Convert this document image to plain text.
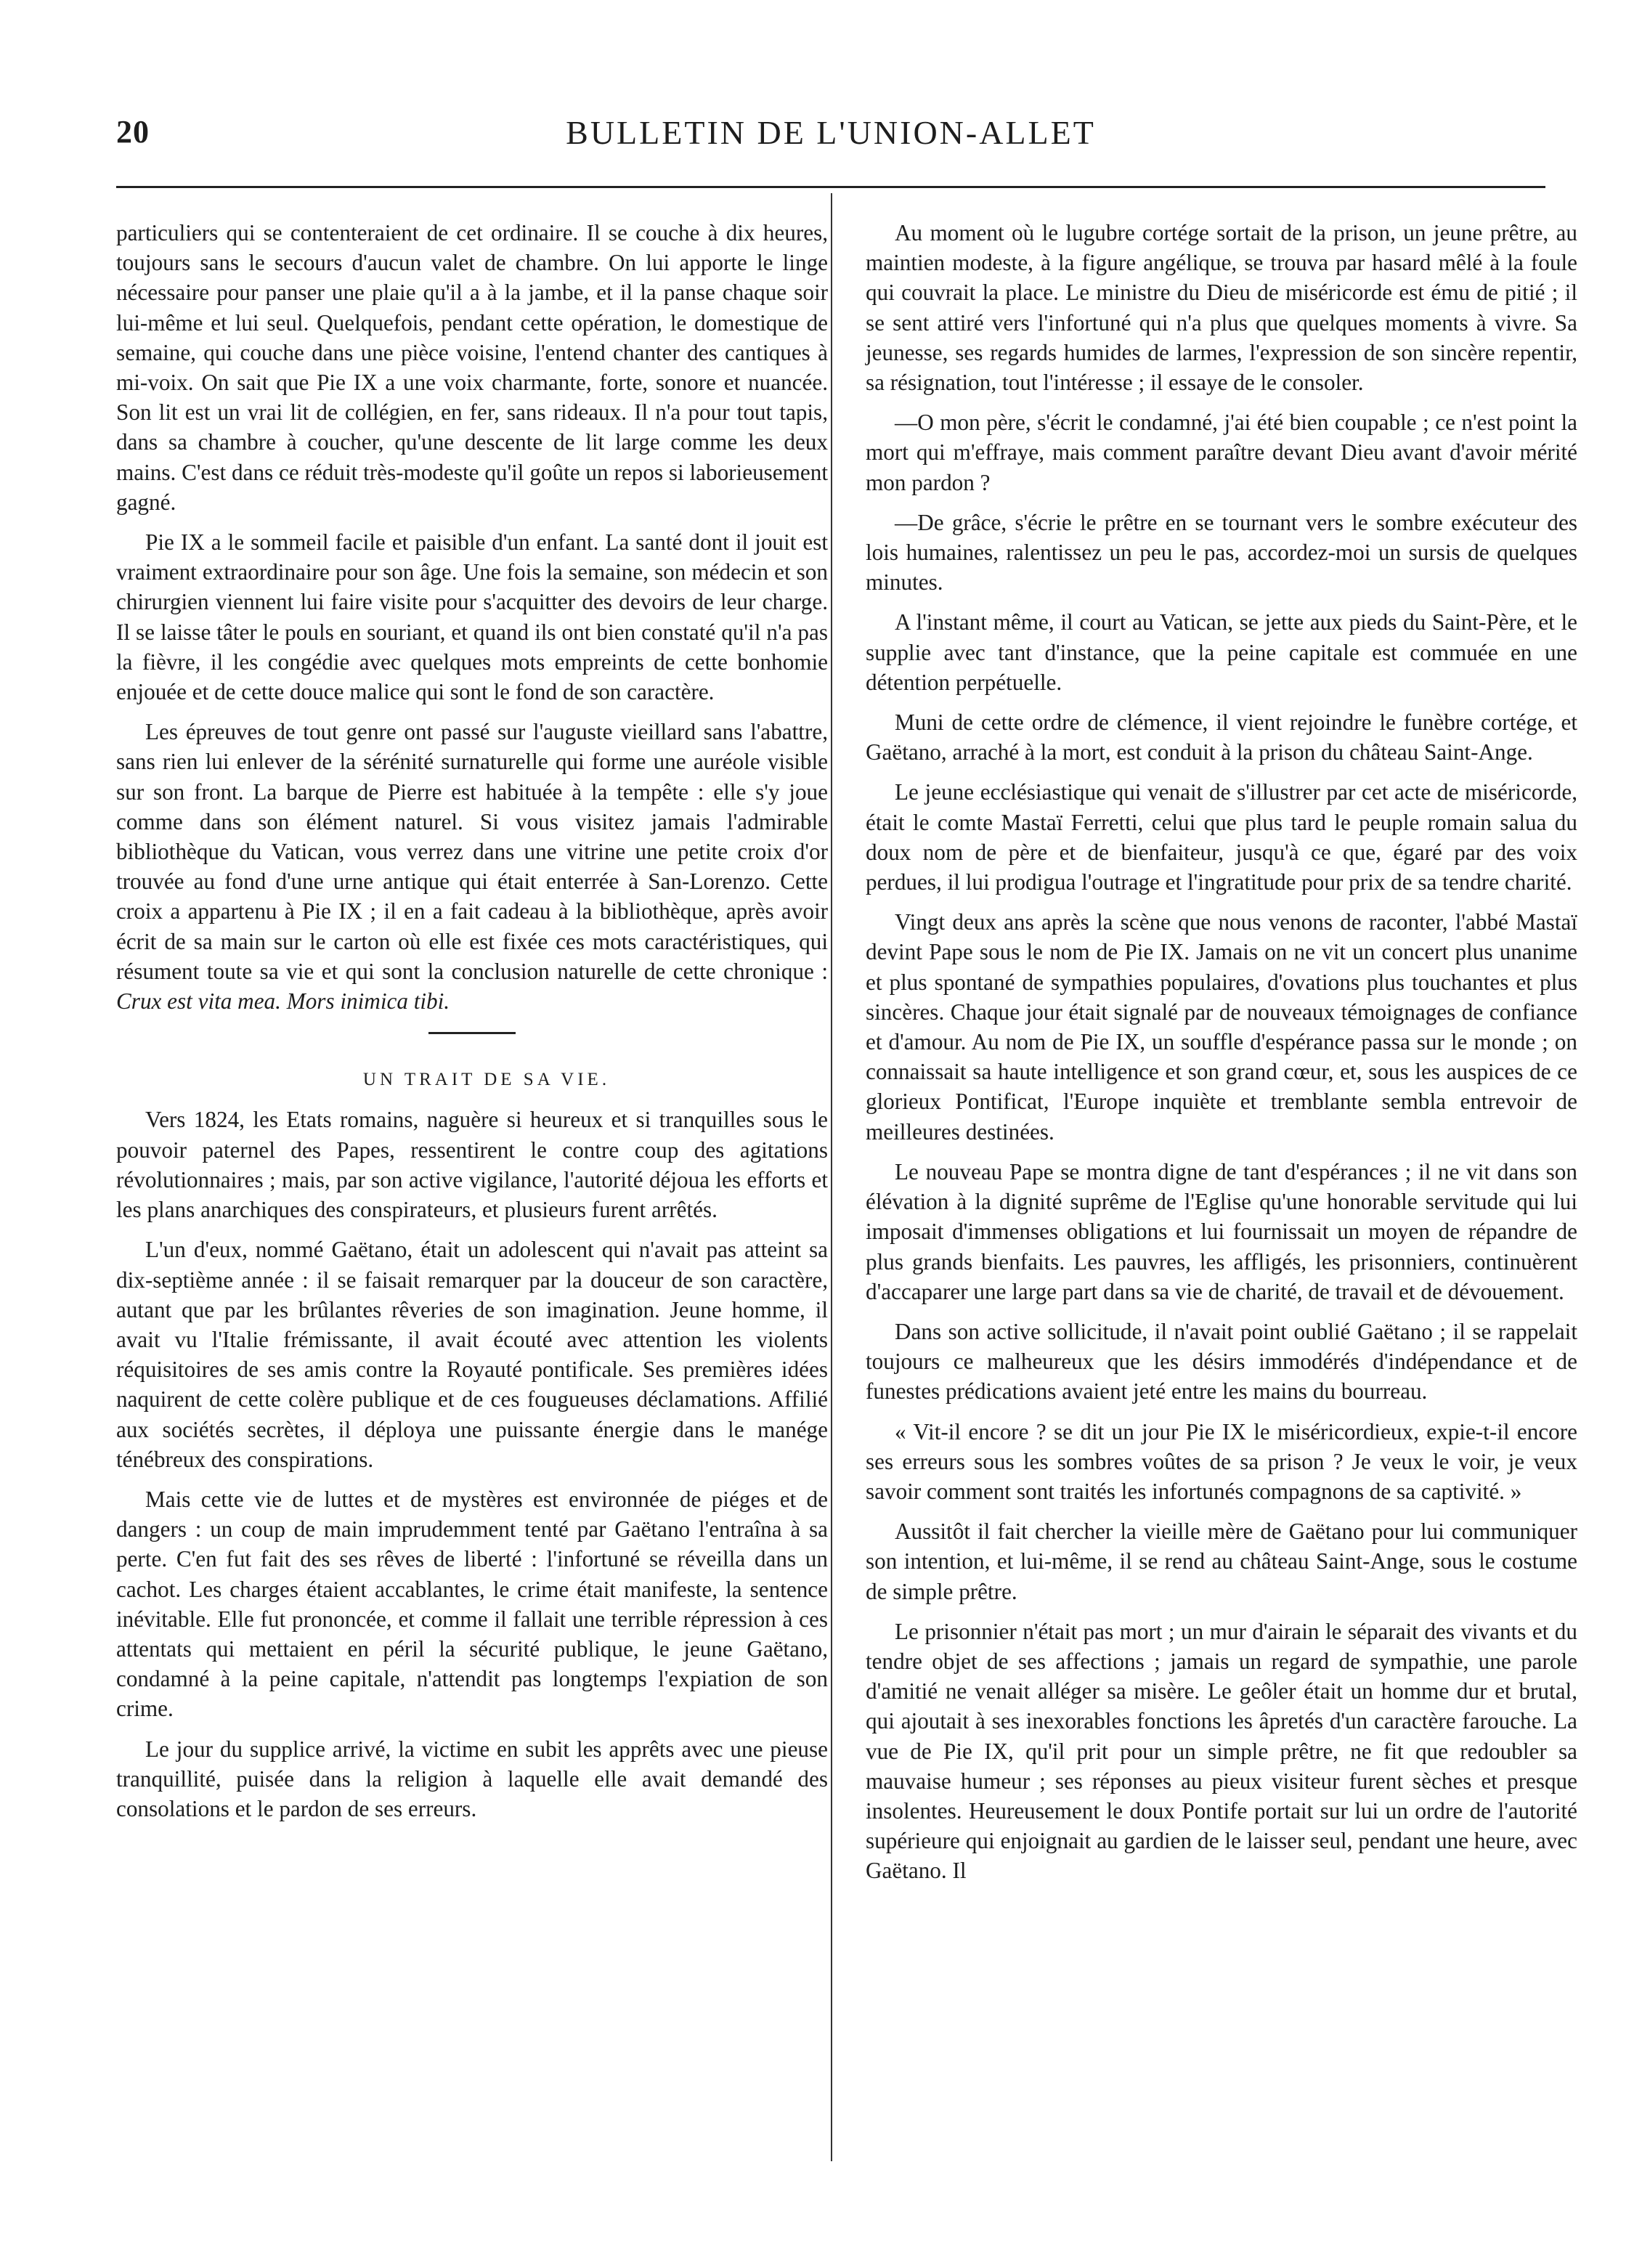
20	BULLETIN DE L'UNION-ALLET

particuliers qui se contenteraient de cet ordinaire. Il se couche à dix heures, toujours sans le secours d'aucun valet de chambre. On lui apporte le linge nécessaire pour panser une plaie qu'il a à la jambe, et il la panse chaque soir lui-même et lui seul. Quelquefois, pendant cette opération, le domestique de semaine, qui couche dans une pièce voisine, l'entend chanter des cantiques à mi-voix. On sait que Pie IX a une voix charmante, forte, sonore et nuancée. Son lit est un vrai lit de collégien, en fer, sans rideaux. Il n'a pour tout tapis, dans sa chambre à coucher, qu'une descente de lit large comme les deux mains. C'est dans ce réduit très-modeste qu'il goûte un repos si laborieusement gagné.

Pie IX a le sommeil facile et paisible d'un enfant. La santé dont il jouit est vraiment extraordinaire pour son âge. Une fois la semaine, son médecin et son chirurgien viennent lui faire visite pour s'acquitter des devoirs de leur charge. Il se laisse tâter le pouls en souriant, et quand ils ont bien constaté qu'il n'a pas la fièvre, il les congédie avec quelques mots empreints de cette bonhomie enjouée et de cette douce malice qui sont le fond de son caractère.

Les épreuves de tout genre ont passé sur l'auguste vieillard sans l'abattre, sans rien lui enlever de la sérénité surnaturelle qui forme une auréole visible sur son front. La barque de Pierre est habituée à la tempête : elle s'y joue comme dans son élément naturel. Si vous visitez jamais l'admirable bibliothèque du Vatican, vous verrez dans une vitrine une petite croix d'or trouvée au fond d'une urne antique qui était enterrée à San-Lorenzo. Cette croix a appartenu à Pie IX ; il en a fait cadeau à la bibliothèque, après avoir écrit de sa main sur le carton où elle est fixée ces mots caractéristiques, qui résument toute sa vie et qui sont la conclusion naturelle de cette chronique : Crux est vita mea. Mors inimica tibi.

UN TRAIT DE SA VIE.

Vers 1824, les Etats romains, naguère si heureux et si tranquilles sous le pouvoir paternel des Papes, ressentirent le contre coup des agitations révolutionnaires ; mais, par son active vigilance, l'autorité déjoua les efforts et les plans anarchiques des conspirateurs, et plusieurs furent arrêtés.

L'un d'eux, nommé Gaëtano, était un adolescent qui n'avait pas atteint sa dix-septième année : il se faisait remarquer par la douceur de son caractère, autant que par les brûlantes rêveries de son imagination. Jeune homme, il avait vu l'Italie frémissante, il avait écouté avec attention les violents réquisitoires de ses amis contre la Royauté pontificale. Ses premières idées naquirent de cette colère publique et de ces fougueuses déclamations. Affilié aux sociétés secrètes, il déploya une puissante énergie dans le manége ténébreux des conspirations.

Mais cette vie de luttes et de mystères est environnée de piéges et de dangers : un coup de main imprudemment tenté par Gaëtano l'entraîna à sa perte. C'en fut fait des ses rêves de liberté : l'infortuné se réveilla dans un cachot. Les charges étaient accablantes, le crime était manifeste, la sentence inévitable. Elle fut prononcée, et comme il fallait une terrible répression à ces attentats qui mettaient en péril la sécurité publique, le jeune Gaëtano, condamné à la peine capitale, n'attendit pas longtemps l'expiation de son crime.

Le jour du supplice arrivé, la victime en subit les apprêts avec une pieuse tranquillité, puisée dans la religion à laquelle elle avait demandé des consolations et le pardon de ses erreurs.

Au moment où le lugubre cortége sortait de la prison, un jeune prêtre, au maintien modeste, à la figure angélique, se trouva par hasard mêlé à la foule qui couvrait la place. Le ministre du Dieu de miséricorde est ému de pitié ; il se sent attiré vers l'infortuné qui n'a plus que quelques moments à vivre. Sa jeunesse, ses regards humides de larmes, l'expression de son sincère repentir, sa résignation, tout l'intéresse ; il essaye de le consoler.

—O mon père, s'écrit le condamné, j'ai été bien coupable ; ce n'est point la mort qui m'effraye, mais comment paraître devant Dieu avant d'avoir mérité mon pardon ?

—De grâce, s'écrie le prêtre en se tournant vers le sombre exécuteur des lois humaines, ralentissez un peu le pas, accordez-moi un sursis de quelques minutes.

A l'instant même, il court au Vatican, se jette aux pieds du Saint-Père, et le supplie avec tant d'instance, que la peine capitale est commuée en une détention perpétuelle.

Muni de cette ordre de clémence, il vient rejoindre le funèbre cortége, et Gaëtano, arraché à la mort, est conduit à la prison du château Saint-Ange.

Le jeune ecclésiastique qui venait de s'illustrer par cet acte de miséricorde, était le comte Mastaï Ferretti, celui que plus tard le peuple romain salua du doux nom de père et de bienfaiteur, jusqu'à ce que, égaré par des voix perdues, il lui prodigua l'outrage et l'ingratitude pour prix de sa tendre charité.

Vingt deux ans après la scène que nous venons de raconter, l'abbé Mastaï devint Pape sous le nom de Pie IX. Jamais on ne vit un concert plus unanime et plus spontané de sympathies populaires, d'ovations plus touchantes et plus sincères. Chaque jour était signalé par de nouveaux témoignages de confiance et d'amour. Au nom de Pie IX, un souffle d'espérance passa sur le monde ; on connaissait sa haute intelligence et son grand cœur, et, sous les auspices de ce glorieux Pontificat, l'Europe inquiète et tremblante sembla entrevoir de meilleures destinées.

Le nouveau Pape se montra digne de tant d'espérances ; il ne vit dans son élévation à la dignité suprême de l'Eglise qu'une honorable servitude qui lui imposait d'immenses obligations et lui fournissait un moyen de répandre de plus grands bienfaits. Les pauvres, les affligés, les prisonniers, continuèrent d'accaparer une large part dans sa vie de charité, de travail et de dévouement.

Dans son active sollicitude, il n'avait point oublié Gaëtano ; il se rappelait toujours ce malheureux que les désirs immodérés d'indépendance et de funestes prédications avaient jeté entre les mains du bourreau.

« Vit-il encore ? se dit un jour Pie IX le miséricordieux, expie-t-il encore ses erreurs sous les sombres voûtes de sa prison ? Je veux le voir, je veux savoir comment sont traités les infortunés compagnons de sa captivité. »

Aussitôt il fait chercher la vieille mère de Gaëtano pour lui communiquer son intention, et lui-même, il se rend au château Saint-Ange, sous le costume de simple prêtre.

Le prisonnier n'était pas mort ; un mur d'airain le séparait des vivants et du tendre objet de ses affections ; jamais un regard de sympathie, une parole d'amitié ne venait alléger sa misère. Le geôler était un homme dur et brutal, qui ajoutait à ses inexorables fonctions les âpretés d'un caractère farouche. La vue de Pie IX, qu'il prit pour un simple prêtre, ne fit que redoubler sa mauvaise humeur ; ses réponses au pieux visiteur furent sèches et presque insolentes. Heureusement le doux Pontife portait sur lui un ordre de l'autorité supérieure qui enjoignait au gardien de le laisser seul, pendant une heure, avec Gaëtano. Il
